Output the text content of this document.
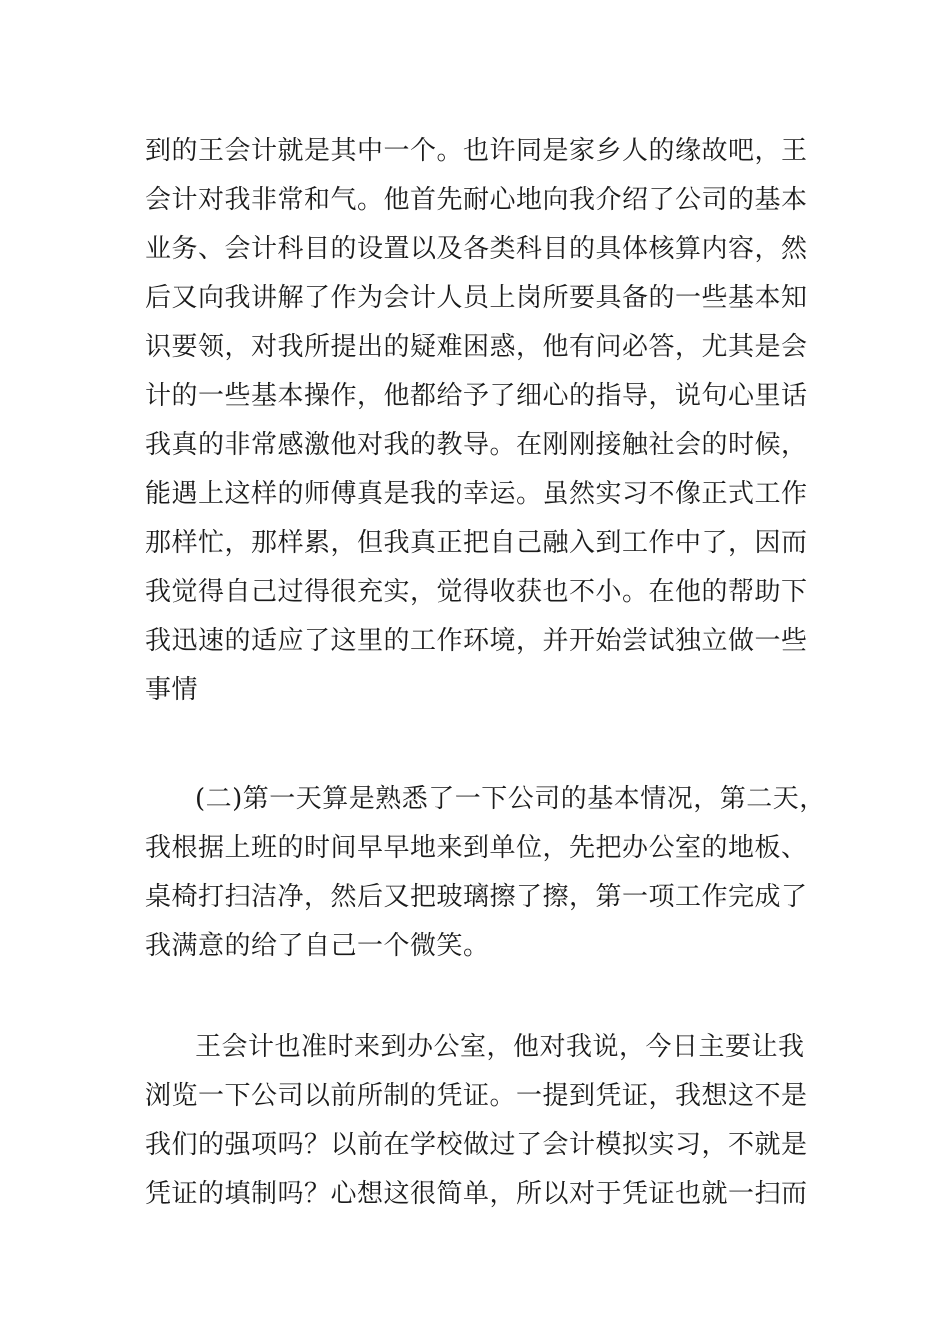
到的王会计就是其中一个。也许同是家乡人的缘故吧，王
会计对我非常和气。他首先耐心地向我介绍了公司的基本
业务、会计科目的设置以及各类科目的具体核算内容，然
后又向我讲解了作为会计人员上岗所要具备的一些基本知
识要领，对我所提出的疑难困惑，他有问必答，尤其是会
计的一些基本操作，他都给予了细心的指导，说句心里话
我真的非常感激他对我的教导。在刚刚接触社会的时候，
能遇上这样的师傅真是我的幸运。虽然实习不像正式工作
那样忙，那样累，但我真正把自己融入到工作中了，因而
我觉得自己过得很充实，觉得收获也不小。在他的帮助下
我迅速的适应了这里的工作环境，并开始尝试独立做一些
事情
(二)第一天算是熟悉了一下公司的基本情况，第二天，
我根据上班的时间早早地来到单位，先把办公室的地板、
桌椅打扫洁净，然后又把玻璃擦了擦，第一项工作完成了
我满意的给了自己一个微笑。
王会计也准时来到办公室，他对我说，今日主要让我
浏览一下公司以前所制的凭证。一提到凭证，我想这不是
我们的强项吗？以前在学校做过了会计模拟实习，不就是
凭证的填制吗？心想这很简单，所以对于凭证也就一扫而
